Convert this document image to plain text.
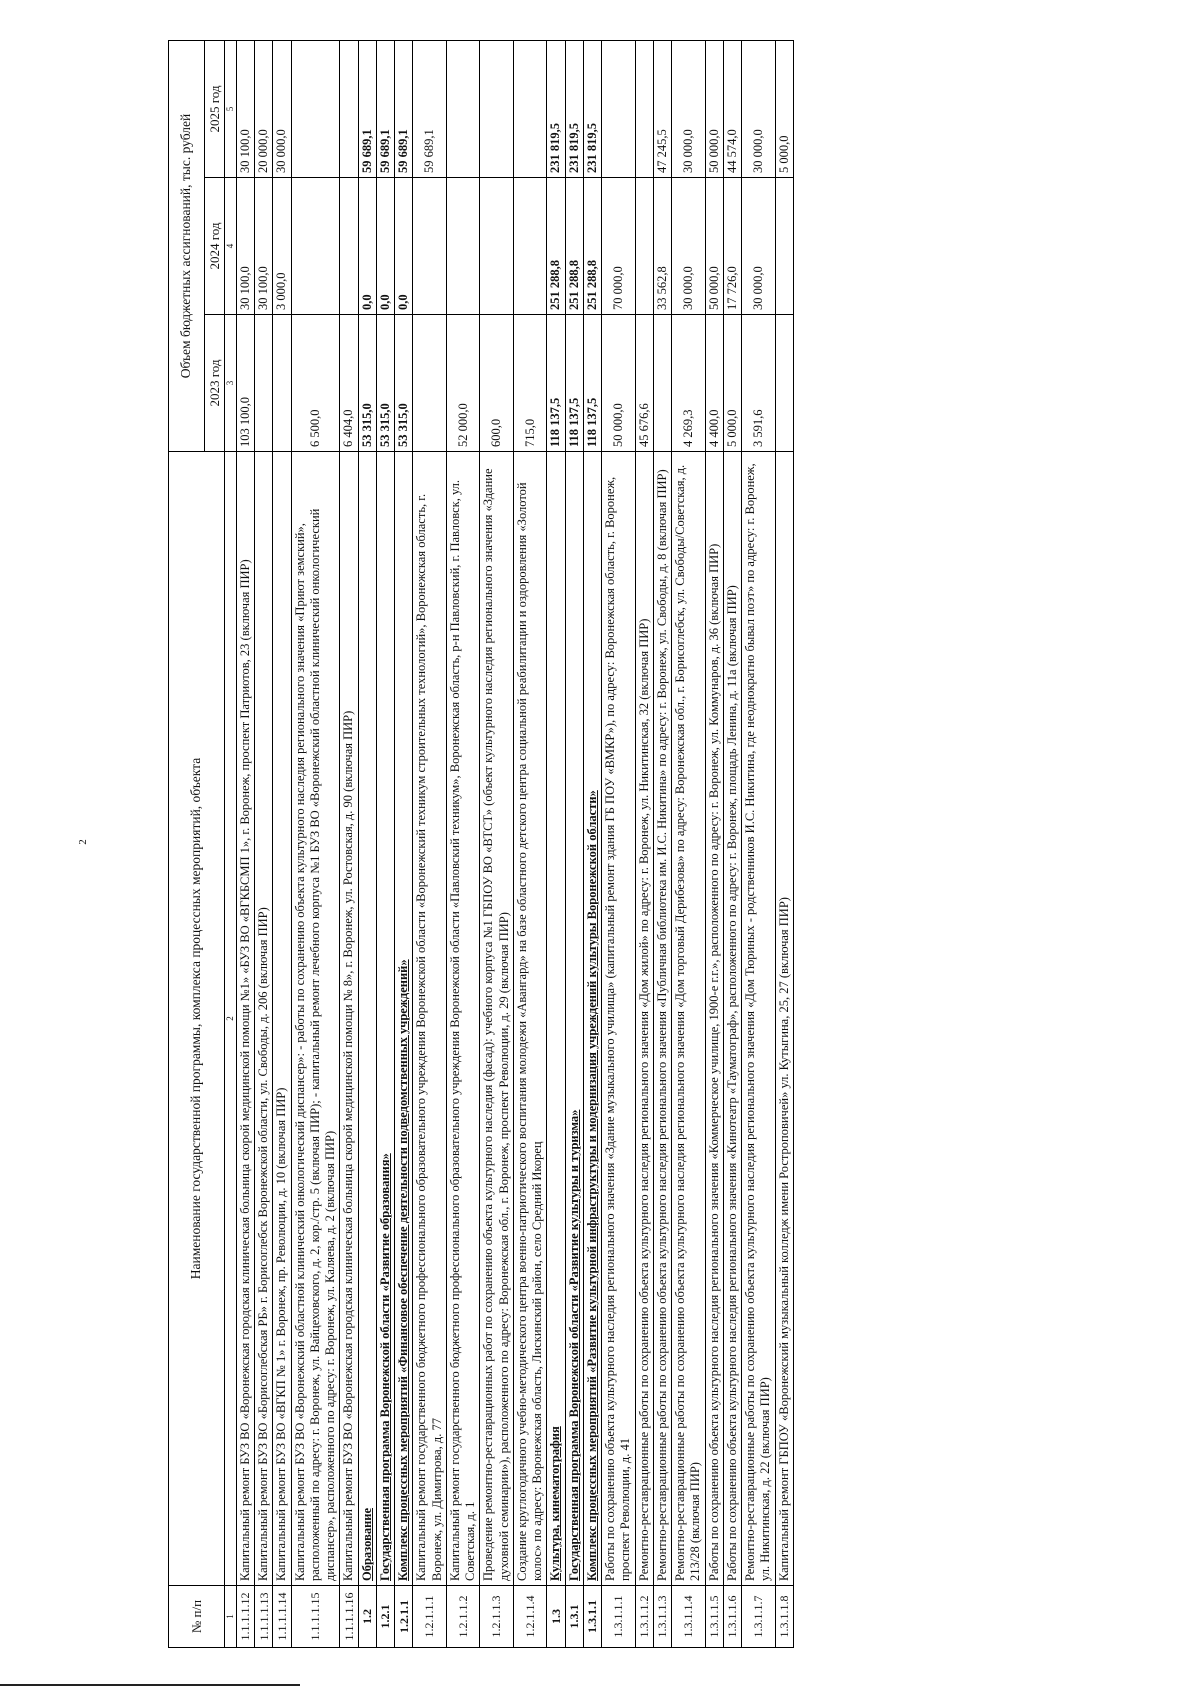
2
№ п/п	Наименование государственной программы, комплекса процессных мероприятий, объекта	Объем бюджетных ассигнований, тыс. рублей		
		2023 год	2024 год	2025 год
1	2	3	4	5
1.1.1.1.12	Капитальный ремонт БУЗ ВО «Воронежская городская клиническая больница скорой медицинской помощи №1» «БУЗ ВО «ВГКБСМП 1», г. Воронеж, проспект Патриотов, 23 (включая ПИР)	103 100,0	30 100,0	30 100,0
1.1.1.1.13	Капитальный ремонт БУЗ ВО «Борисоглебская РБ» г. Борисоглебск Воронежской области, ул. Свободы, д. 206 (включая ПИР)		30 100,0	20 000,0
1.1.1.1.14	Капитальный ремонт БУЗ ВО «ВГКП № 1» г. Воронеж, пр. Революции, д. 10 (включая ПИР)		3 000,0	30 000,0
1.1.1.1.15	Капитальный ремонт БУЗ ВО «Воронежский областной клинический онкологический диспансер»: - работы по сохранению объекта культурного наследия регионального значения «Приют земский», расположенный по адресу: г. Воронеж, ул. Вайцеховского, д. 2, кор./стр. 5 (включая ПИР); - капитальный ремонт лечебного корпуса №1 БУЗ ВО «Воронежский областной клинический онкологический диспансер», расположенного по адресу: г. Воронеж, ул. Каляева, д. 2 (включая ПИР)	6 500,0		
1.1.1.1.16	Капитальный ремонт БУЗ ВО «Воронежская городская клиническая больница скорой медицинской помощи № 8», г. Воронеж, ул. Ростовская, д. 90 (включая ПИР)	6 404,0		
1.2	Образование	53 315,0	0,0	59 689,1
1.2.1	Государственная программа Воронежской области «Развитие образования»	53 315,0	0,0	59 689,1
1.2.1.1	Комплекс процессных мероприятий «Финансовое обеспечение деятельности подведомственных учреждений»	53 315,0	0,0	59 689,1
1.2.1.1.1	Капитальный ремонт государственного бюджетного профессионального образовательного учреждения Воронежской области «Воронежский техникум строительных технологий», Воронежская область, г. Воронеж, ул. Димитрова, д. 77			59 689,1
1.2.1.1.2	Капитальный ремонт государственного бюджетного профессионального образовательного учреждения Воронежской области «Павловский техникум», Воронежская область, р-н Павловский, г. Павловск, ул. Советская, д. 1	52 000,0		
1.2.1.1.3	Проведение ремонтно-реставрационных работ по сохранению объекта культурного наследия (фасад): учебного корпуса №1 ГБПОУ ВО «ВТСТ» (объект культурного наследия регионального значения «Здание духовной семинарии»), расположенного по адресу: Воронежская обл., г. Воронеж, проспект Революции, д. 29 (включая ПИР)	600,0		
1.2.1.1.4	Создание круглогодичного учебно-методического центра военно-патриотического воспитания молодежи «Авангард» на базе областного детского центра социальной реабилитации и оздоровления «Золотой колос» по адресу: Воронежская область, Лискинский район, село Средний Икорец	715,0		
1.3	Культура, кинематография	118 137,5	251 288,8	231 819,5
1.3.1	Государственная программа Воронежской области «Развитие культуры и туризма»	118 137,5	251 288,8	231 819,5
1.3.1.1	Комплекс процессных мероприятий «Развитие культурной инфраструктуры и модернизация учреждений культуры Воронежской области»	118 137,5	251 288,8	231 819,5
1.3.1.1.1	Работы по сохранению объекта культурного наследия регионального значения «Здание музыкального училища» (капитальный ремонт здания ГБ ПОУ «ВМКР»), по адресу: Воронежская область, г. Воронеж, проспект Революции, д. 41	50 000,0	70 000,0	
1.3.1.1.2	Ремонтно-реставрационные работы по сохранению объекта культурного наследия регионального значения «Дом жилой» по адресу: г. Воронеж, ул. Никитинская, 32 (включая ПИР)	45 676,6		
1.3.1.1.3	Ремонтно-реставрационные работы по сохранению объекта культурного наследия регионального значения «Публичная библиотека им. И.С. Никитина» по адресу: г. Воронеж, ул. Свободы, д. 8 (включая ПИР)		33 562,8	47 245,5
1.3.1.1.4	Ремонтно-реставрационные работы по сохранению объекта культурного наследия регионального значения «Дом торговый Дерибезова» по адресу: Воронежская обл., г. Борисоглебск, ул. Свободы/Советская, д. 213/28 (включая ПИР)	4 269,3	30 000,0	30 000,0
1.3.1.1.5	Работы по сохранению объекта культурного наследия регионального значения «Коммерческое училище, 1900-е г.г.», расположенного по адресу: г. Воронеж, ул. Коммунаров, д. 36 (включая ПИР)	4 400,0	50 000,0	50 000,0
1.3.1.1.6	Работы по сохранению объекта культурного наследия регионального значения «Кинотеатр «Тауматограф», расположенного по адресу: г. Воронеж, площадь Ленина, д. 11а (включая ПИР)	5 000,0	17 726,0	44 574,0
1.3.1.1.7	Ремонтно-реставрационные работы по сохранению объекта культурного наследия регионального значения «Дом Тюриных - родственников И.С. Никитина, где неоднократно бывал поэт» по адресу: г. Воронеж, ул. Никитинская, д. 22 (включая ПИР)	3 591,6	30 000,0	30 000,0
1.3.1.1.8	Капитальный ремонт ГБПОУ «Воронежский музыкальный колледж имени Ростроповичей» ул. Кутыгина, 25, 27 (включая ПИР)			5 000,0
